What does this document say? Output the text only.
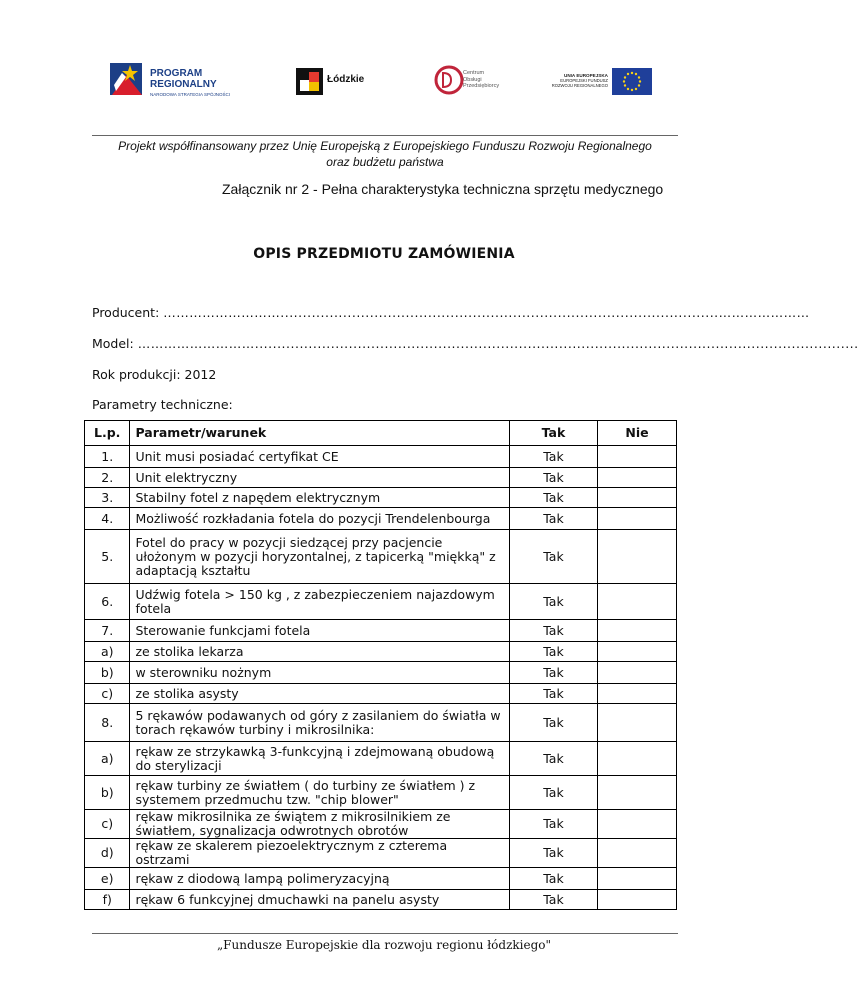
PROGRAM
REGIONALNY
NARODOWA STRATEGIA SPÓJNOŚCI
Łódzkie
Centrum
Obsługi
Przedsiębiorcy
UNIA EUROPEJSKA
EUROPEJSKI FUNDUSZ
ROZWOJU REGIONALNEGO
Projekt współfinansowany przez Unię Europejską z Europejskiego Funduszu Rozwoju Regionalnego
oraz budżetu państwa
Załącznik nr 2 - Pełna charakterystyka techniczna sprzętu medycznego
OPIS PRZEDMIOTU ZAMÓWIENIA
Producent: ………………………..................................................................................................…………………
Model: ……………………….......................................................................................................................................
Rok produkcji: 2012
Parametry techniczne:
L.p.	Parametr/warunek	Tak	Nie
1.	Unit musi posiadać certyfikat CE	Tak	
2.	Unit elektryczny	Tak	
3.	Stabilny fotel z napędem elektrycznym	Tak	
4.	Możliwość rozkładania fotela do pozycji Trendelenbourga	Tak	
5.	Fotel do pracy w pozycji siedzącej przy pacjencie ułożonym w pozycji horyzontalnej, z tapicerką "miękką" z adaptacją kształtu	Tak	
6.	Udźwig fotela > 150 kg , z zabezpieczeniem najazdowym fotela	Tak	
7.	Sterowanie funkcjami fotela	Tak	
a)	ze stolika lekarza	Tak	
b)	w sterowniku nożnym	Tak	
c)	ze stolika asysty	Tak	
8.	5 rękawów podawanych od góry z zasilaniem do światła w torach rękawów turbiny i mikrosilnika:	Tak	
a)	rękaw ze strzykawką 3-funkcyjną i zdejmowaną obudową do sterylizacji	Tak	
b)	rękaw turbiny ze światłem ( do turbiny ze światłem ) z systemem przedmuchu tzw. "chip blower"	Tak	
c)	rękaw mikrosilnika ze świątem z mikrosilnikiem ze światłem, sygnalizacja odwrotnych obrotów	Tak	
d)	rękaw ze skalerem piezoelektrycznym z czterema ostrzami	Tak	
e)	rękaw z diodową lampą polimeryzacyjną	Tak	
f)	rękaw 6 funkcyjnej dmuchawki na panelu asysty	Tak	
„Fundusze Europejskie dla rozwoju regionu łódzkiego"
